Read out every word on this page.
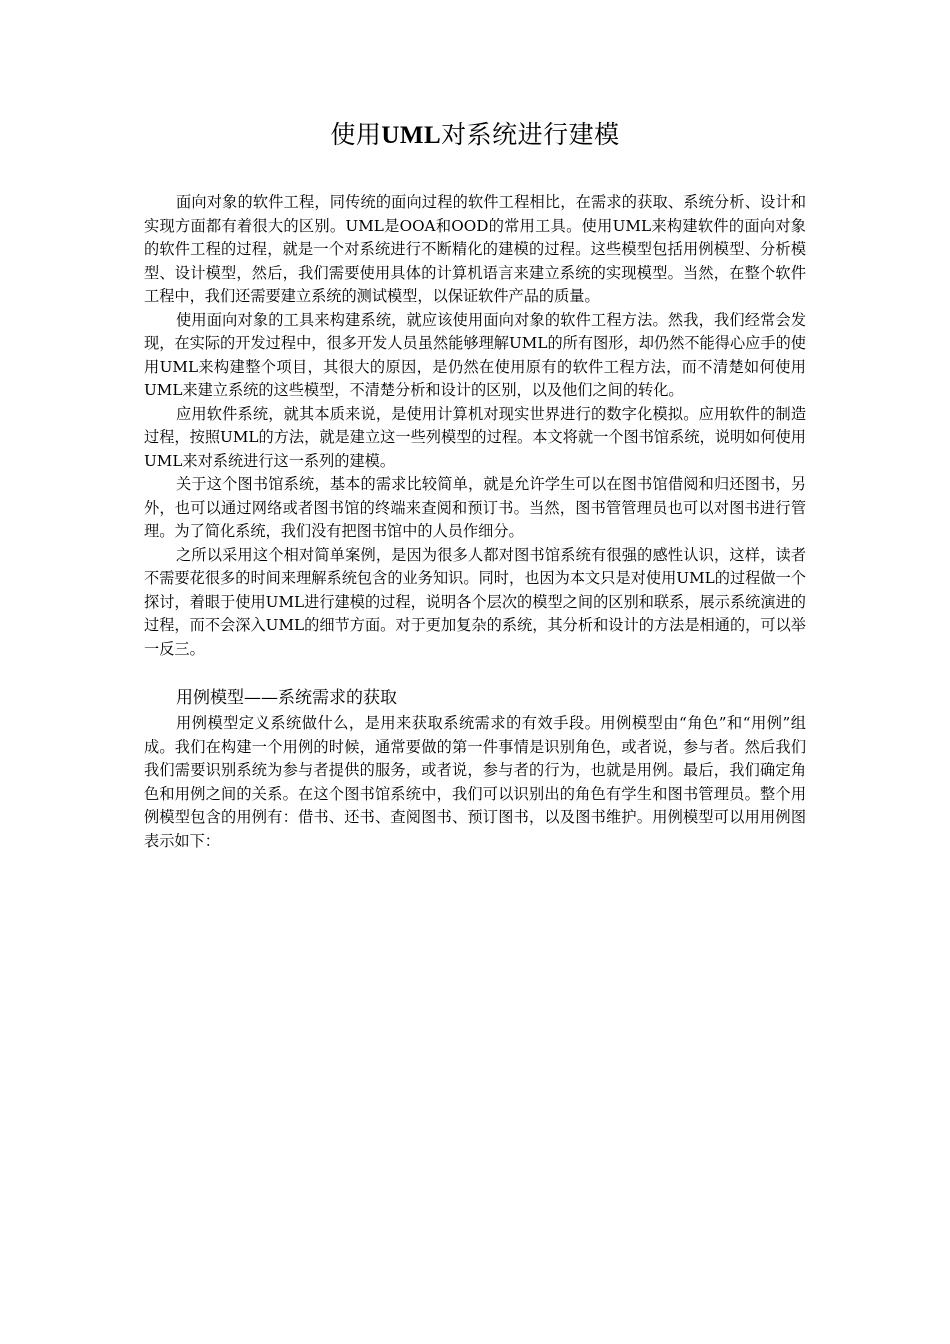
使用UML对系统进行建模

面向对象的软件工程，同传统的面向过程的软件工程相比，在需求的获取、系统分析、设计和实现方面都有着很大的区别。UML是OOA和OOD的常用工具。使用UML来构建软件的面向对象的软件工程的过程，就是一个对系统进行不断精化的建模的过程。这些模型包括用例模型、分析模型、设计模型，然后，我们需要使用具体的计算机语言来建立系统的实现模型。当然，在整个软件工程中，我们还需要建立系统的测试模型，以保证软件产品的质量。

使用面向对象的工具来构建系统，就应该使用面向对象的软件工程方法。然我，我们经常会发现，在实际的开发过程中，很多开发人员虽然能够理解UML的所有图形，却仍然不能得心应手的使用UML来构建整个项目，其很大的原因，是仍然在使用原有的软件工程方法，而不清楚如何使用UML来建立系统的这些模型，不清楚分析和设计的区别，以及他们之间的转化。

应用软件系统，就其本质来说，是使用计算机对现实世界进行的数字化模拟。应用软件的制造过程，按照UML的方法，就是建立这一些列模型的过程。本文将就一个图书馆系统，说明如何使用UML来对系统进行这一系列的建模。

关于这个图书馆系统，基本的需求比较简单，就是允许学生可以在图书馆借阅和归还图书，另外，也可以通过网络或者图书馆的终端来查阅和预订书。当然，图书管管理员也可以对图书进行管理。为了简化系统，我们没有把图书馆中的人员作细分。

之所以采用这个相对简单案例，是因为很多人都对图书馆系统有很强的感性认识，这样，读者不需要花很多的时间来理解系统包含的业务知识。同时，也因为本文只是对使用UML的过程做一个探讨，着眼于使用UML进行建模的过程，说明各个层次的模型之间的区别和联系，展示系统演进的过程，而不会深入UML的细节方面。对于更加复杂的系统，其分析和设计的方法是相通的，可以举一反三。

用例模型——系统需求的获取

用例模型定义系统做什么，是用来获取系统需求的有效手段。用例模型由“角色”和“用例”组成。我们在构建一个用例的时候，通常要做的第一件事情是识别角色，或者说，参与者。然后我们我们需要识别系统为参与者提供的服务，或者说，参与者的行为，也就是用例。最后，我们确定角色和用例之间的关系。在这个图书馆系统中，我们可以识别出的角色有学生和图书管理员。整个用例模型包含的用例有：借书、还书、查阅图书、预订图书，以及图书维护。用例模型可以用用例图表示如下：
